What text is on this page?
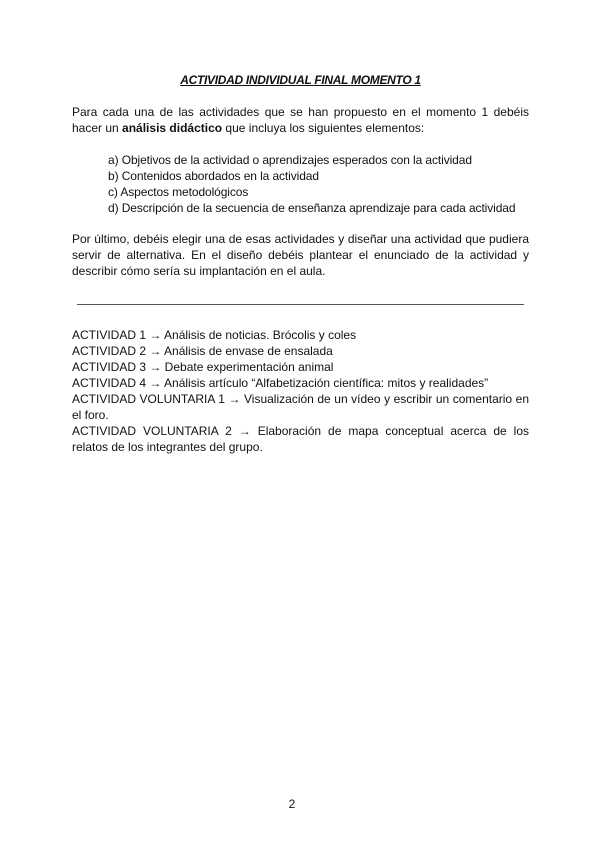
ACTIVIDAD INDIVIDUAL FINAL MOMENTO 1

Para cada una de las actividades que se han propuesto en el momento 1 debéis hacer un análisis didáctico que incluya los siguientes elementos:

a) Objetivos de la actividad o aprendizajes esperados con la actividad
b) Contenidos abordados en la actividad
c) Aspectos metodológicos
d) Descripción de la secuencia de enseñanza aprendizaje para cada actividad

Por último, debéis elegir una de esas actividades y diseñar una actividad que pudiera servir de alternativa. En el diseño debéis plantear el enunciado de la actividad y describir cómo sería su implantación en el aula.

ACTIVIDAD 1 → Análisis de noticias. Brócolis y coles
ACTIVIDAD 2 → Análisis de envase de ensalada
ACTIVIDAD 3 → Debate experimentación animal
ACTIVIDAD 4 → Análisis artículo “Alfabetización científica: mitos y realidades”
ACTIVIDAD VOLUNTARIA 1 → Visualización de un vídeo y escribir un comentario en el foro.
ACTIVIDAD VOLUNTARIA 2 → Elaboración de mapa conceptual acerca de los relatos de los integrantes del grupo.
2
